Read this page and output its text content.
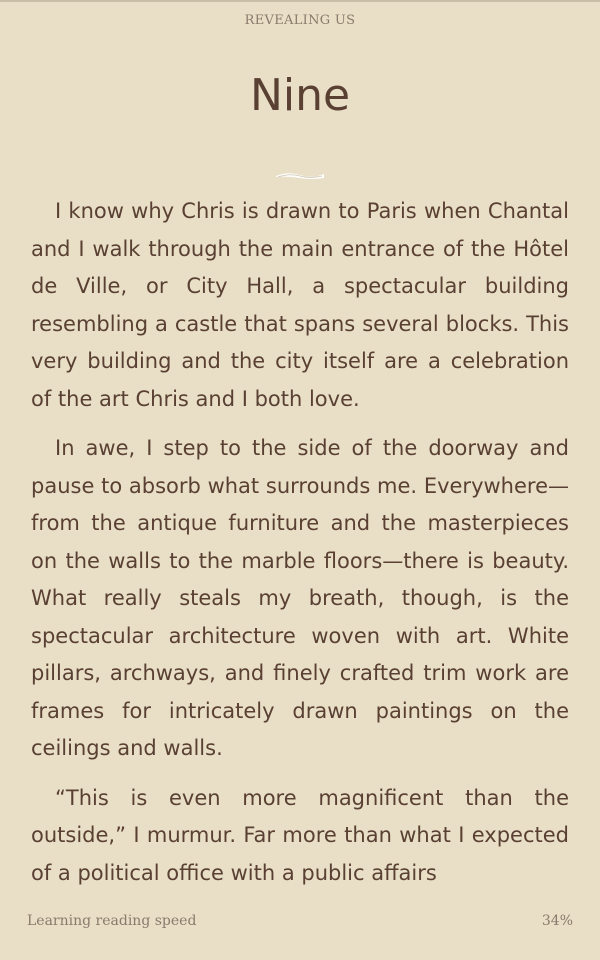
REVEALING US
Nine

I know why Chris is drawn to Paris when Chantal and I walk through the main entrance of the Hôtel de Ville, or City Hall, a spectacular building resembling a castle that spans several blocks. This very building and the city itself are a celebration of the art Chris and I both love.

In awe, I step to the side of the doorway and pause to absorb what surrounds me. Everywhere—from the antique furniture and the masterpieces on the walls to the marble floors—there is beauty. What really steals my breath, though, is the spectacular architecture woven with art. White pillars, archways, and finely crafted trim work are frames for intricately drawn paintings on the ceilings and walls.

“This is even more magnificent than the outside,” I murmur. Far more than what I expected of a political office with a public affairs

Learning reading speed	34%
